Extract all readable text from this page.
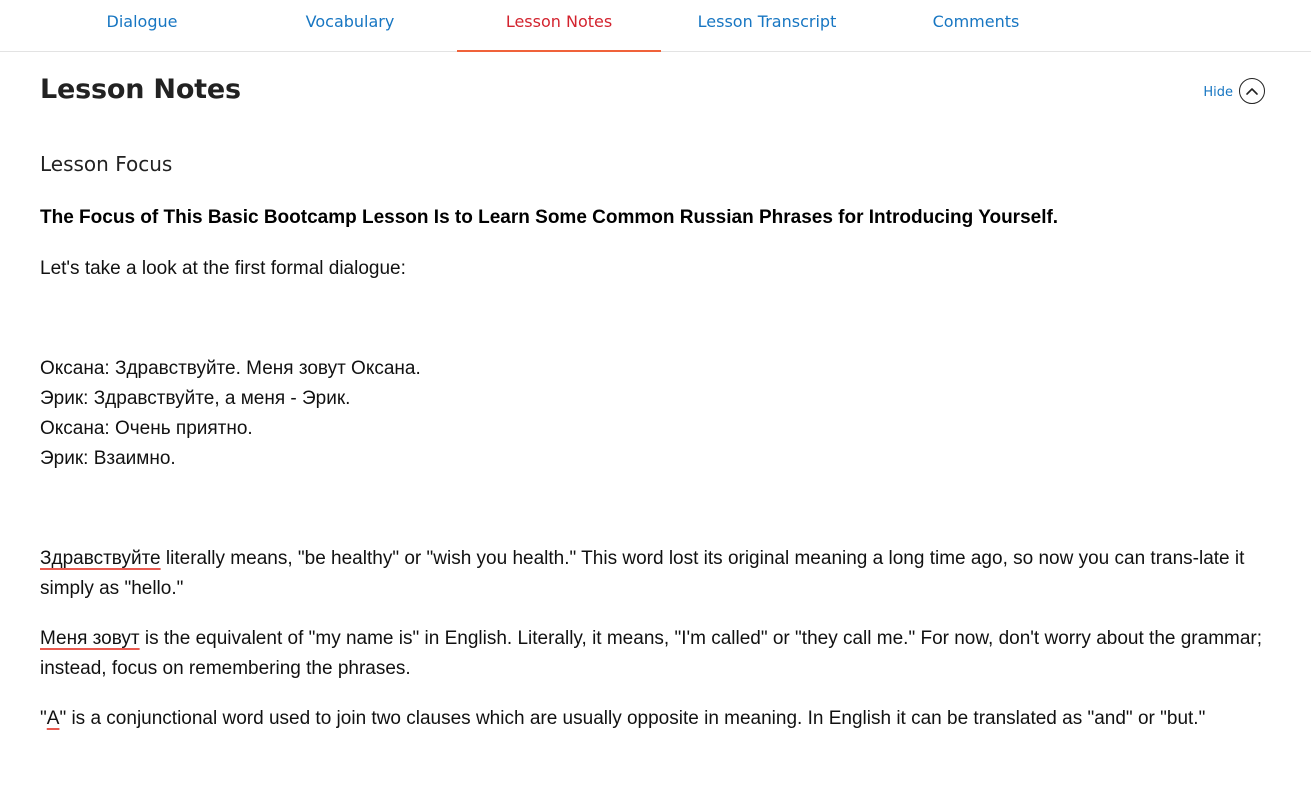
Dialogue	Vocabulary	Lesson Notes	Lesson Transcript	Comments
Lesson Notes	Hide
Lesson Focus
The Focus of This Basic Bootcamp Lesson Is to Learn Some Common Russian Phrases for Introducing Yourself.

Let's take a look at the first formal dialogue:

Оксана: Здравствуйте. Меня зовут Оксана.
Эрик: Здравствуйте, а меня - Эрик.
Оксана: Очень приятно.
Эрик: Взаимно.

Здравствуйте literally means, "be healthy" or "wish you health." This word lost its original meaning a long time ago, so now you can trans-late it simply as "hello."

Меня зовут is the equivalent of "my name is" in English. Literally, it means, "I'm called" or "they call me." For now, don't worry about the grammar; instead, focus on remembering the phrases.

"А" is a conjunctional word used to join two clauses which are usually opposite in meaning. In English it can be translated as "and" or "but."
